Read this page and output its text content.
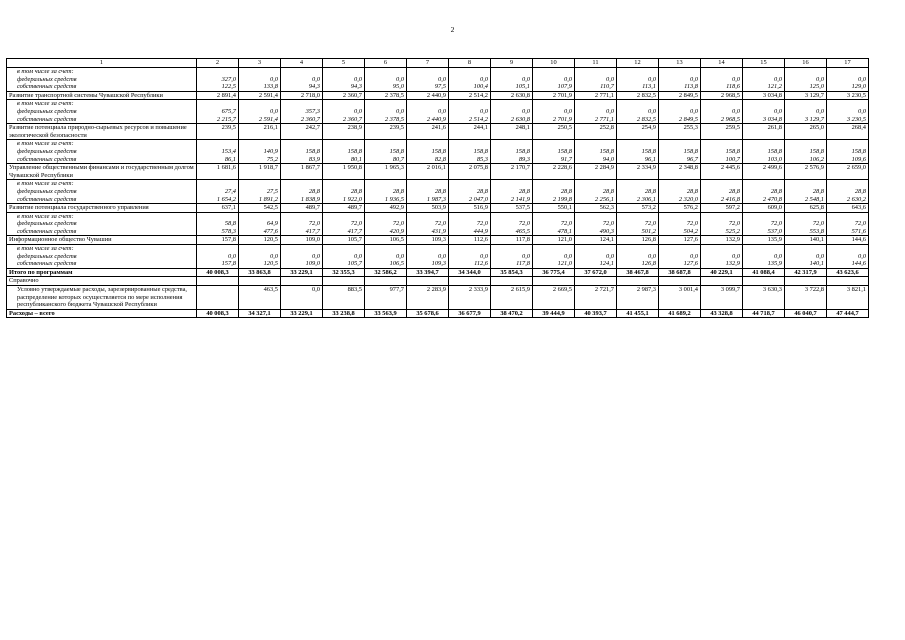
2
1	2	3	4	5	6	7	8	9	10	11	12	13	14	15	16	17
в том числе за счет:																
федеральных средств	327,0	0,0	0,0	0,0	0,0	0,0	0,0	0,0	0,0	0,0	0,0	0,0	0,0	0,0	0,0	0,0
собственных средств	122,5	133,8	94,3	94,3	95,0	97,5	100,4	105,1	107,9	110,7	113,1	113,8	118,6	121,2	125,0	129,0
Развитие транспортной системы Чувашской Республики	2 891,4	2 591,4	2 718,0	2 360,7	2 378,5	2 440,9	2 514,2	2 630,8	2 701,9	2 771,1	2 832,5	2 849,5	2 968,5	3 034,8	3 129,7	3 230,5
в том числе за счет:																
федеральных средств	675,7	0,0	357,3	0,0	0,0	0,0	0,0	0,0	0,0	0,0	0,0	0,0	0,0	0,0	0,0	0,0
собственных средств	2 215,7	2 591,4	2 360,7	2 360,7	2 378,5	2 440,9	2 514,2	2 630,8	2 701,9	2 771,1	2 832,5	2 849,5	2 968,5	3 034,8	3 129,7	3 230,5
Развитие потенциала природно-сырьевых ресурсов и повышение экологической безопасности	239,5	216,1	242,7	238,9	239,5	241,6	244,1	248,1	250,5	252,8	254,9	255,3	259,5	261,8	265,0	268,4
в том числе за счет:																
федеральных средств	153,4	140,9	158,8	158,8	158,8	158,8	158,8	158,8	158,8	158,8	158,8	158,8	158,8	158,8	158,8	158,8
собственных средств	86,1	75,2	83,9	80,1	80,7	82,8	85,3	89,3	91,7	94,0	96,1	96,7	100,7	103,0	106,2	109,6
Управление общественными финансами и государственным долгом Чувашской Республики	1 681,6	1 918,7	1 867,7	1 950,8	1 965,3	2 016,1	2 075,8	2 170,7	2 228,6	2 284,9	2 334,9	2 348,8	2 445,6	2 499,6	2 576,9	2 659,0
в том числе за счет:																
федеральных средств	27,4	27,5	28,8	28,8	28,8	28,8	28,8	28,8	28,8	28,8	28,8	28,8	28,8	28,8	28,8	28,8
собственных средств	1 654,2	1 891,2	1 838,9	1 922,0	1 936,5	1 987,3	2 047,0	2 141,9	2 199,8	2 256,1	2 306,1	2 320,0	2 416,8	2 470,8	2 548,1	2 630,2
Развитие потенциала государственного управления	637,1	542,5	489,7	489,7	492,9	503,9	516,9	537,5	550,1	562,3	573,2	576,2	597,2	609,0	625,8	643,6
в том числе за счет:																
федеральных средств	58,8	64,9	72,0	72,0	72,0	72,0	72,0	72,0	72,0	72,0	72,0	72,0	72,0	72,0	72,0	72,0
собственных средств	578,3	477,6	417,7	417,7	420,9	431,9	444,9	465,5	478,1	490,3	501,2	504,2	525,2	537,0	553,8	571,6
Информационное общество Чувашии	157,8	120,5	109,0	105,7	106,5	109,3	112,6	117,8	121,0	124,1	126,8	127,6	132,9	135,9	140,1	144,6
в том числе за счет:																
федеральных средств	0,0	0,0	0,0	0,0	0,0	0,0	0,0	0,0	0,0	0,0	0,0	0,0	0,0	0,0	0,0	0,0
собственных средств	157,8	120,5	109,0	105,7	106,5	109,3	112,6	117,8	121,0	124,1	126,8	127,6	132,9	135,9	140,1	144,6
Итого по программам	40 008,3	33 863,8	33 229,1	32 355,3	32 586,2	33 394,7	34 344,0	35 854,3	36 775,4	37 672,0	38 467,8	38 687,8	40 229,1	41 088,4	42 317,9	43 623,6
Справочно																
Условно утверждаемые расходы, зарезервированные средства, распределение которых осуществляется по мере исполнения республиканского бюджета Чувашской Республики		463,5	0,0	883,5	977,7	2 283,9	2 333,9	2 615,9	2 669,5	2 721,7	2 987,3	3 001,4	3 099,7	3 630,3	3 722,8	3 821,1
Расходы – всего	40 008,3	34 327,1	33 229,1	33 238,8	33 563,9	35 678,6	36 677,9	38 470,2	39 444,9	40 393,7	41 455,1	41 689,2	43 328,8	44 718,7	46 040,7	47 444,7
